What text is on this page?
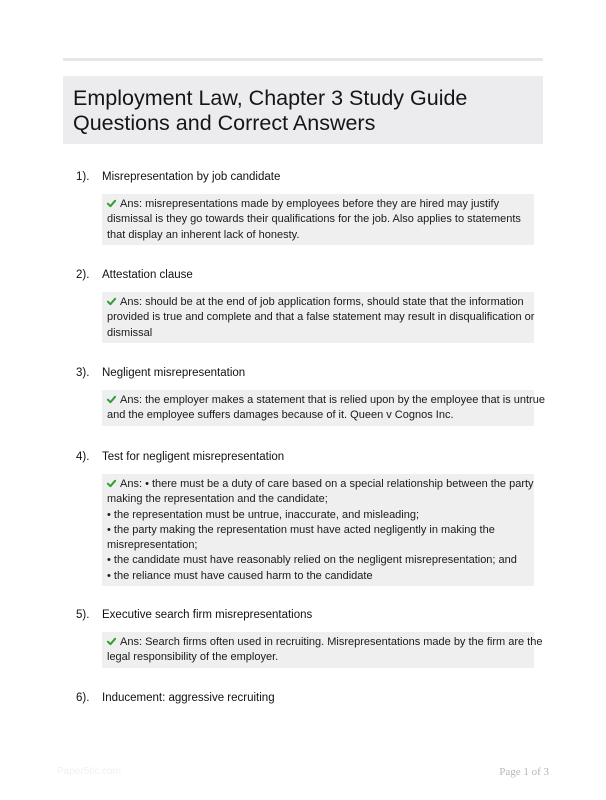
Employment Law, Chapter 3 Study Guide
Questions and Correct Answers
1). Misrepresentation by job candidate
Ans: misrepresentations made by employees before they are hired may justify
dismissal is they go towards their qualifications for the job. Also applies to statements
that display an inherent lack of honesty.
2). Attestation clause
Ans: should be at the end of job application forms, should state that the information
provided is true and complete and that a false statement may result in disqualification or
dismissal
3). Negligent misrepresentation
Ans: the employer makes a statement that is relied upon by the employee that is untrue
and the employee suffers damages because of it. Queen v Cognos Inc.
4). Test for negligent misrepresentation
Ans: • there must be a duty of care based on a special relationship between the party
making the representation and the candidate;
• the representation must be untrue, inaccurate, and misleading;
• the party making the representation must have acted negligently in making the
misrepresentation;
• the candidate must have reasonably relied on the negligent misrepresentation; and
• the reliance must have caused harm to the candidate
5). Executive search firm misrepresentations
Ans: Search firms often used in recruiting. Misrepresentations made by the firm are the
legal responsibility of the employer.
6). Inducement: aggressive recruiting
Paper5tic.com	Page 1 of 3
